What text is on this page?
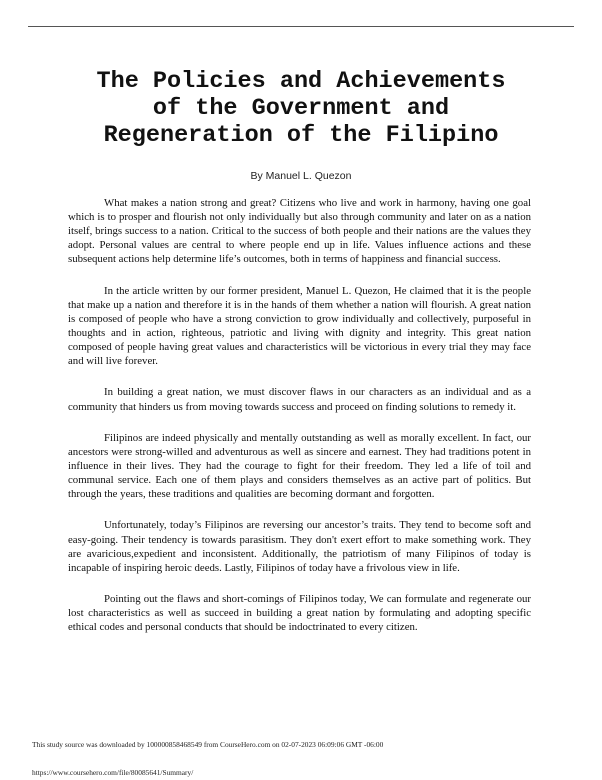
The Policies and Achievements
of the Government and
Regeneration of the Filipino
By Manuel L. Quezon

What makes a nation strong and great? Citizens who live and work in harmony, having one goal which is to prosper and flourish not only individually but also through community and later on as a nation itself, brings success to a nation. Critical to the success of both people and their nations are the values they adopt. Personal values are central to where people end up in life. Values influence actions and these subsequent actions help determine life’s outcomes, both in terms of happiness and financial success.

In the article written by our former president, Manuel L. Quezon, He claimed that it is the people that make up a nation and therefore it is in the hands of them whether a nation will flourish. A great nation is composed of people who have a strong conviction to grow individually and collectively, purposeful in thoughts and in action, righteous, patriotic and living with dignity and integrity. This great nation composed of people having great values and characteristics will be victorious in every trial they may face and will live forever.

In building a great nation, we must discover flaws in our characters as an individual and as a community that hinders us from moving towards success and proceed on finding solutions to remedy it.

Filipinos are indeed physically and mentally outstanding as well as morally excellent. In fact, our ancestors were strong-willed and adventurous as well as sincere and earnest. They had traditions potent in influence in their lives. They had the courage to fight for their freedom. They led a life of toil and communal service. Each one of them plays and considers themselves as an active part of politics. But through the years, these traditions and qualities are becoming dormant and forgotten.

Unfortunately, today’s Filipinos are reversing our ancestor’s traits. They tend to become soft and easy-going. Their tendency is towards parasitism. They don't exert effort to make something work. They are avaricious,expedient and inconsistent. Additionally, the patriotism of many Filipinos of today is incapable of inspiring heroic deeds. Lastly, Filipinos of today have a frivolous view in life.

Pointing out the flaws and short-comings of Filipinos today, We can formulate and regenerate our lost characteristics as well as succeed in building a great nation by formulating and adopting specific ethical codes and personal conducts that should be indoctrinated to every citizen.

This study source was downloaded by 100000858468549 from CourseHero.com on 02-07-2023 06:09:06 GMT -06:00
https://www.coursehero.com/file/80085641/Summary/
